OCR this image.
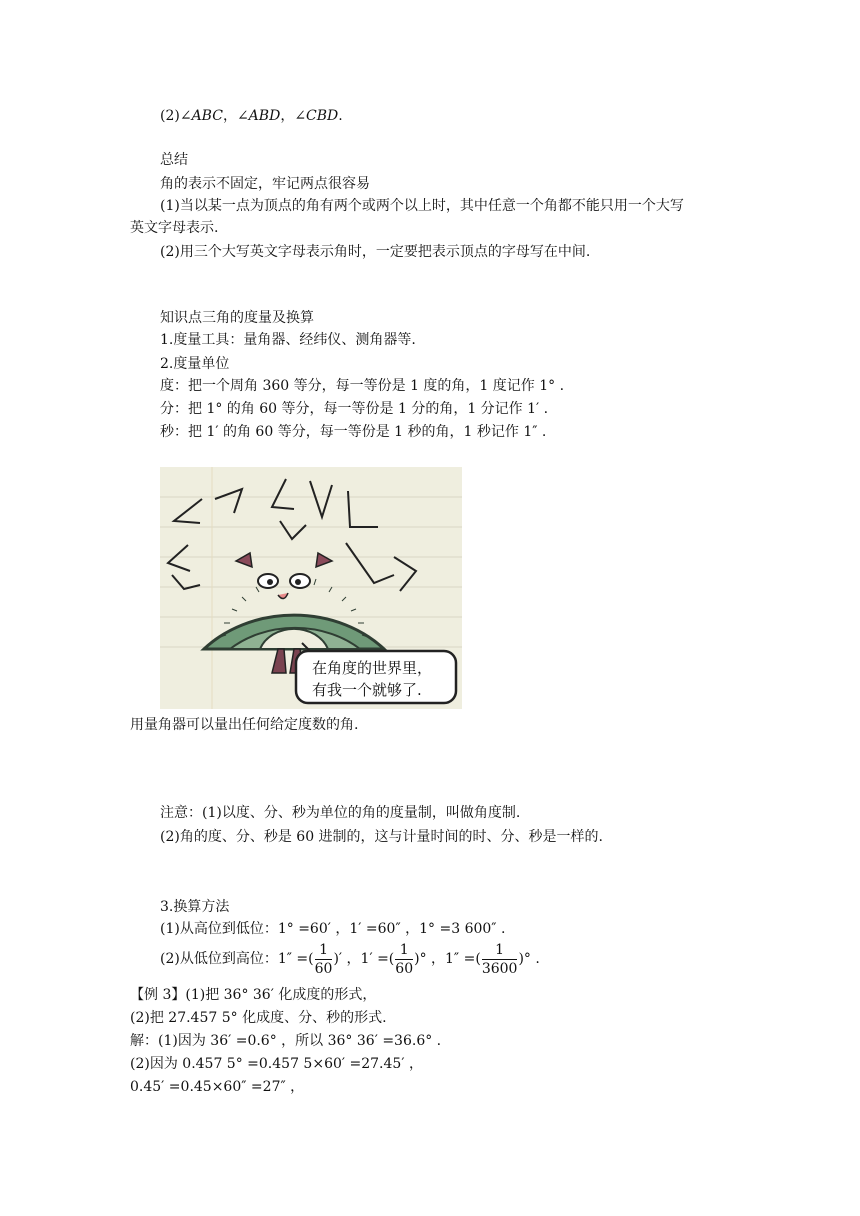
(2)∠ABC，∠ABD，∠CBD.
总结
角的表示不固定，牢记两点很容易
(1)当以某一点为顶点的角有两个或两个以上时，其中任意一个角都不能只用一个大写
英文字母表示.
(2)用三个大写英文字母表示角时，一定要把表示顶点的字母写在中间.
知识点三角的度量及换算
1.度量工具：量角器、经纬仪、测角器等.
2.度量单位
度：把一个周角 360 等分，每一等份是 1 度的角，1 度记作 1° .
分：把 1° 的角 60 等分，每一等份是 1 分的角，1 分记作 1′ .
秒：把 1′ 的角 60 等分，每一等份是 1 秒的角，1 秒记作 1″ .
在角度的世界里，
有我一个就够了.
用量角器可以量出任何给定度数的角.
注意：(1)以度、分、秒为单位的角的度量制，叫做角度制.
(2)角的度、分、秒是 60 进制的，这与计量时间的时、分、秒是一样的.
3.换算方法
(1)从高位到低位：1° =60′ ，1′ =60″ ，1° =3 600″ .
(2)从低位到高位：1″ =( $\frac{1}{60}$ )′ ，1′ =( $\frac{1}{60}$ )° ，1″ =( $\frac{1}{3600}$ )° .
【例 3】(1)把 36° 36′ 化成度的形式，
(2)把 27.457 5° 化成度、分、秒的形式.
解：(1)因为 36′ =0.6° ，所以 36° 36′ =36.6° .
(2)因为 0.457 5° =0.457 5×60′ =27.45′ ，
0.45′ =0.45×60″ =27″ ，
